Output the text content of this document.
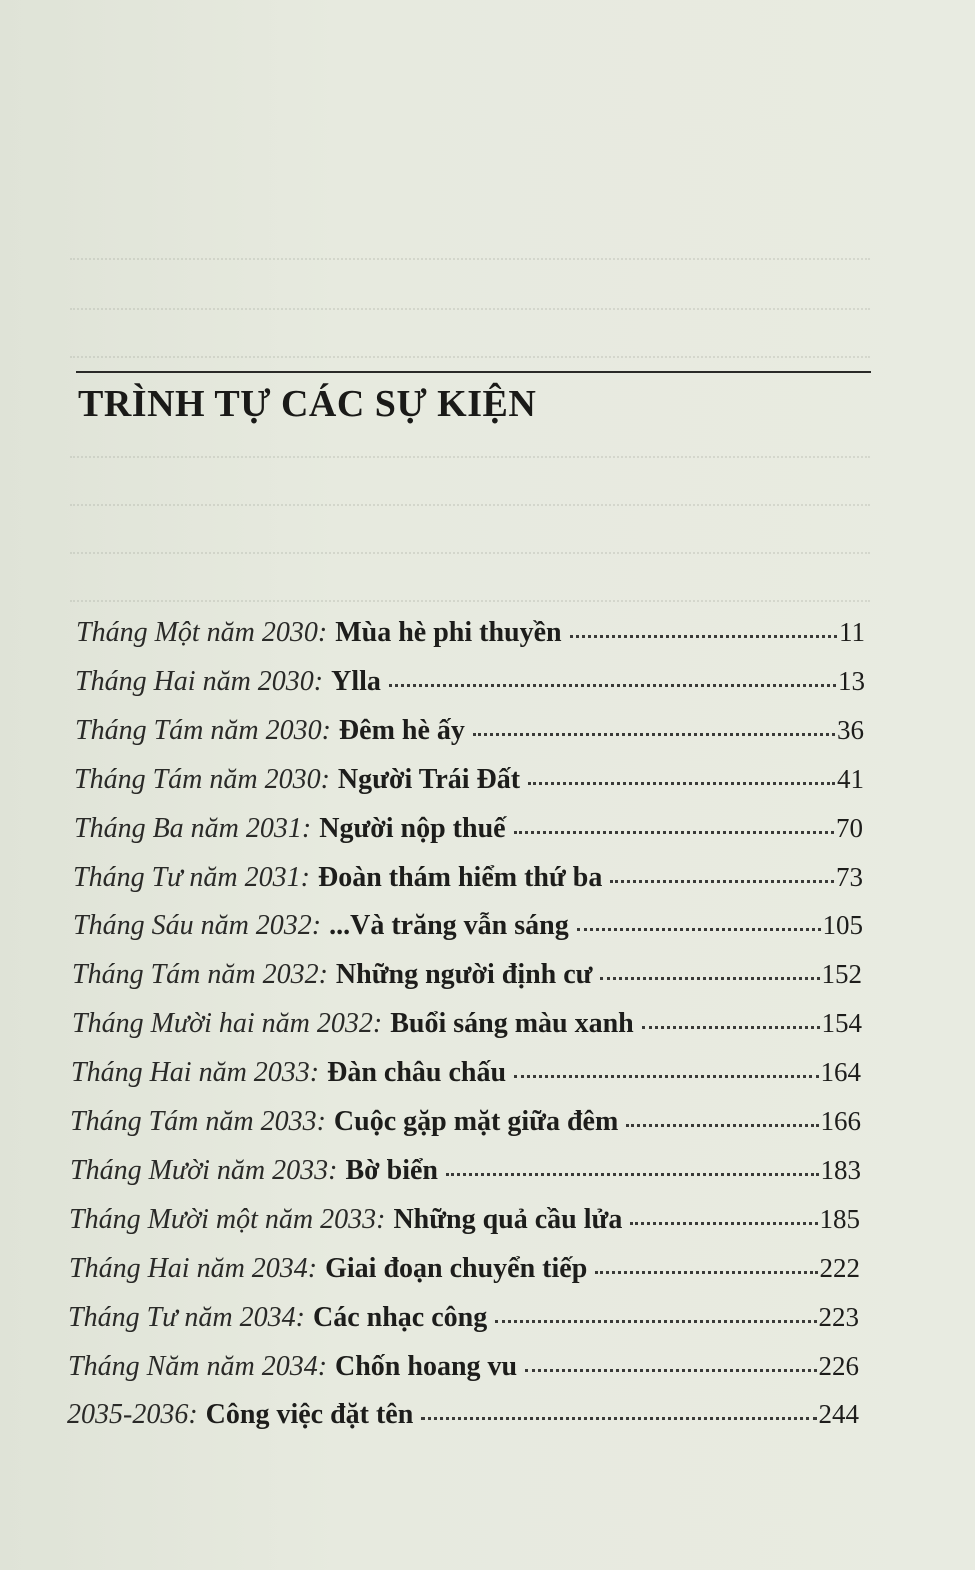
TRÌNH TỰ CÁC SỰ KIỆN
Tháng Một năm 2030: Mùa hè phi thuyền	11
Tháng Hai năm 2030: Ylla	13
Tháng Tám năm 2030: Đêm hè ấy	36
Tháng Tám năm 2030: Người Trái Đất	41
Tháng Ba năm 2031: Người nộp thuế	70
Tháng Tư năm 2031: Đoàn thám hiểm thứ ba	73
Tháng Sáu năm 2032: ...Và trăng vẫn sáng	105
Tháng Tám năm 2032: Những người định cư	152
Tháng Mười hai năm 2032: Buổi sáng màu xanh	154
Tháng Hai năm 2033: Đàn châu chấu	164
Tháng Tám năm 2033: Cuộc gặp mặt giữa đêm	166
Tháng Mười năm 2033: Bờ biển	183
Tháng Mười một năm 2033: Những quả cầu lửa	185
Tháng Hai năm 2034: Giai đoạn chuyển tiếp	222
Tháng Tư năm 2034: Các nhạc công	223
Tháng Năm năm 2034: Chốn hoang vu	226
2035-2036: Công việc đặt tên	244
